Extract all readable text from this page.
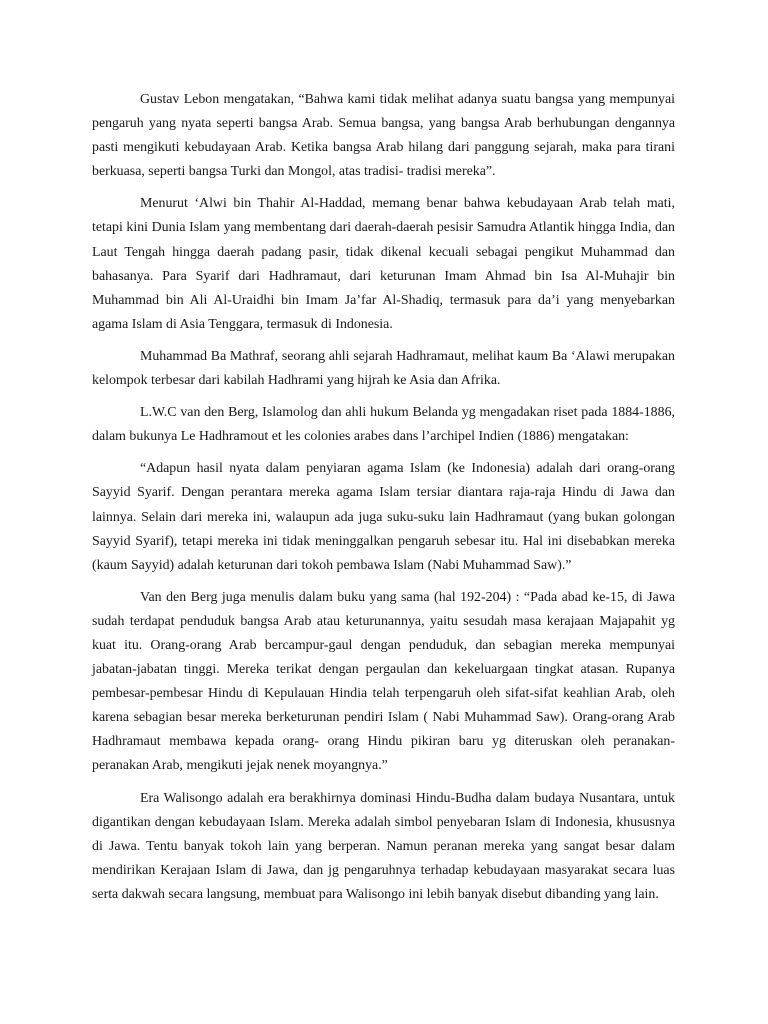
Gustav Lebon mengatakan, “Bahwa kami tidak melihat adanya suatu bangsa yang mempunyai pengaruh yang nyata seperti bangsa Arab. Semua bangsa, yang bangsa Arab berhubungan dengannya pasti mengikuti kebudayaan Arab. Ketika bangsa Arab hilang dari panggung sejarah, maka para tirani berkuasa, seperti bangsa Turki dan Mongol, atas tradisi- tradisi mereka”.

Menurut ‘Alwi bin Thahir Al-Haddad, memang benar bahwa kebudayaan Arab telah mati, tetapi kini Dunia Islam yang membentang dari daerah-daerah pesisir Samudra Atlantik hingga India, dan Laut Tengah hingga daerah padang pasir, tidak dikenal kecuali sebagai pengikut Muhammad dan bahasanya. Para Syarif dari Hadhramaut, dari keturunan Imam Ahmad bin Isa Al-Muhajir bin Muhammad bin Ali Al-Uraidhi bin Imam Ja’far Al-Shadiq, termasuk para da’i yang menyebarkan agama Islam di Asia Tenggara, termasuk di Indonesia.

Muhammad Ba Mathraf, seorang ahli sejarah Hadhramaut, melihat kaum Ba ‘Alawi merupakan kelompok terbesar dari kabilah Hadhrami yang hijrah ke Asia dan Afrika.

L.W.C van den Berg, Islamolog dan ahli hukum Belanda yg mengadakan riset pada 1884-1886, dalam bukunya Le Hadhramout et les colonies arabes dans l’archipel Indien (1886) mengatakan:

“Adapun hasil nyata dalam penyiaran agama Islam (ke Indonesia) adalah dari orang-orang Sayyid Syarif. Dengan perantara mereka agama Islam tersiar diantara raja-raja Hindu di Jawa dan lainnya. Selain dari mereka ini, walaupun ada juga suku-suku lain Hadhramaut (yang bukan golongan Sayyid Syarif), tetapi mereka ini tidak meninggalkan pengaruh sebesar itu. Hal ini disebabkan mereka (kaum Sayyid) adalah keturunan dari tokoh pembawa Islam (Nabi Muhammad Saw).”

Van den Berg juga menulis dalam buku yang sama (hal 192-204) : “Pada abad ke-15, di Jawa sudah terdapat penduduk bangsa Arab atau keturunannya, yaitu sesudah masa kerajaan Majapahit yg kuat itu. Orang-orang Arab bercampur-gaul dengan penduduk, dan sebagian mereka mempunyai jabatan-jabatan tinggi. Mereka terikat dengan pergaulan dan kekeluargaan tingkat atasan. Rupanya pembesar-pembesar Hindu di Kepulauan Hindia telah terpengaruh oleh sifat-sifat keahlian Arab, oleh karena sebagian besar mereka berketurunan pendiri Islam ( Nabi Muhammad Saw). Orang-orang Arab Hadhramaut membawa kepada orang- orang Hindu pikiran baru yg diteruskan oleh peranakan-peranakan Arab, mengikuti jejak nenek moyangnya.”

Era Walisongo adalah era berakhirnya dominasi Hindu-Budha dalam budaya Nusantara, untuk digantikan dengan kebudayaan Islam. Mereka adalah simbol penyebaran Islam di Indonesia, khususnya di Jawa. Tentu banyak tokoh lain yang berperan. Namun peranan mereka yang sangat besar dalam mendirikan Kerajaan Islam di Jawa, dan jg pengaruhnya terhadap kebudayaan masyarakat secara luas serta dakwah secara langsung, membuat para Walisongo ini lebih banyak disebut dibanding yang lain.
